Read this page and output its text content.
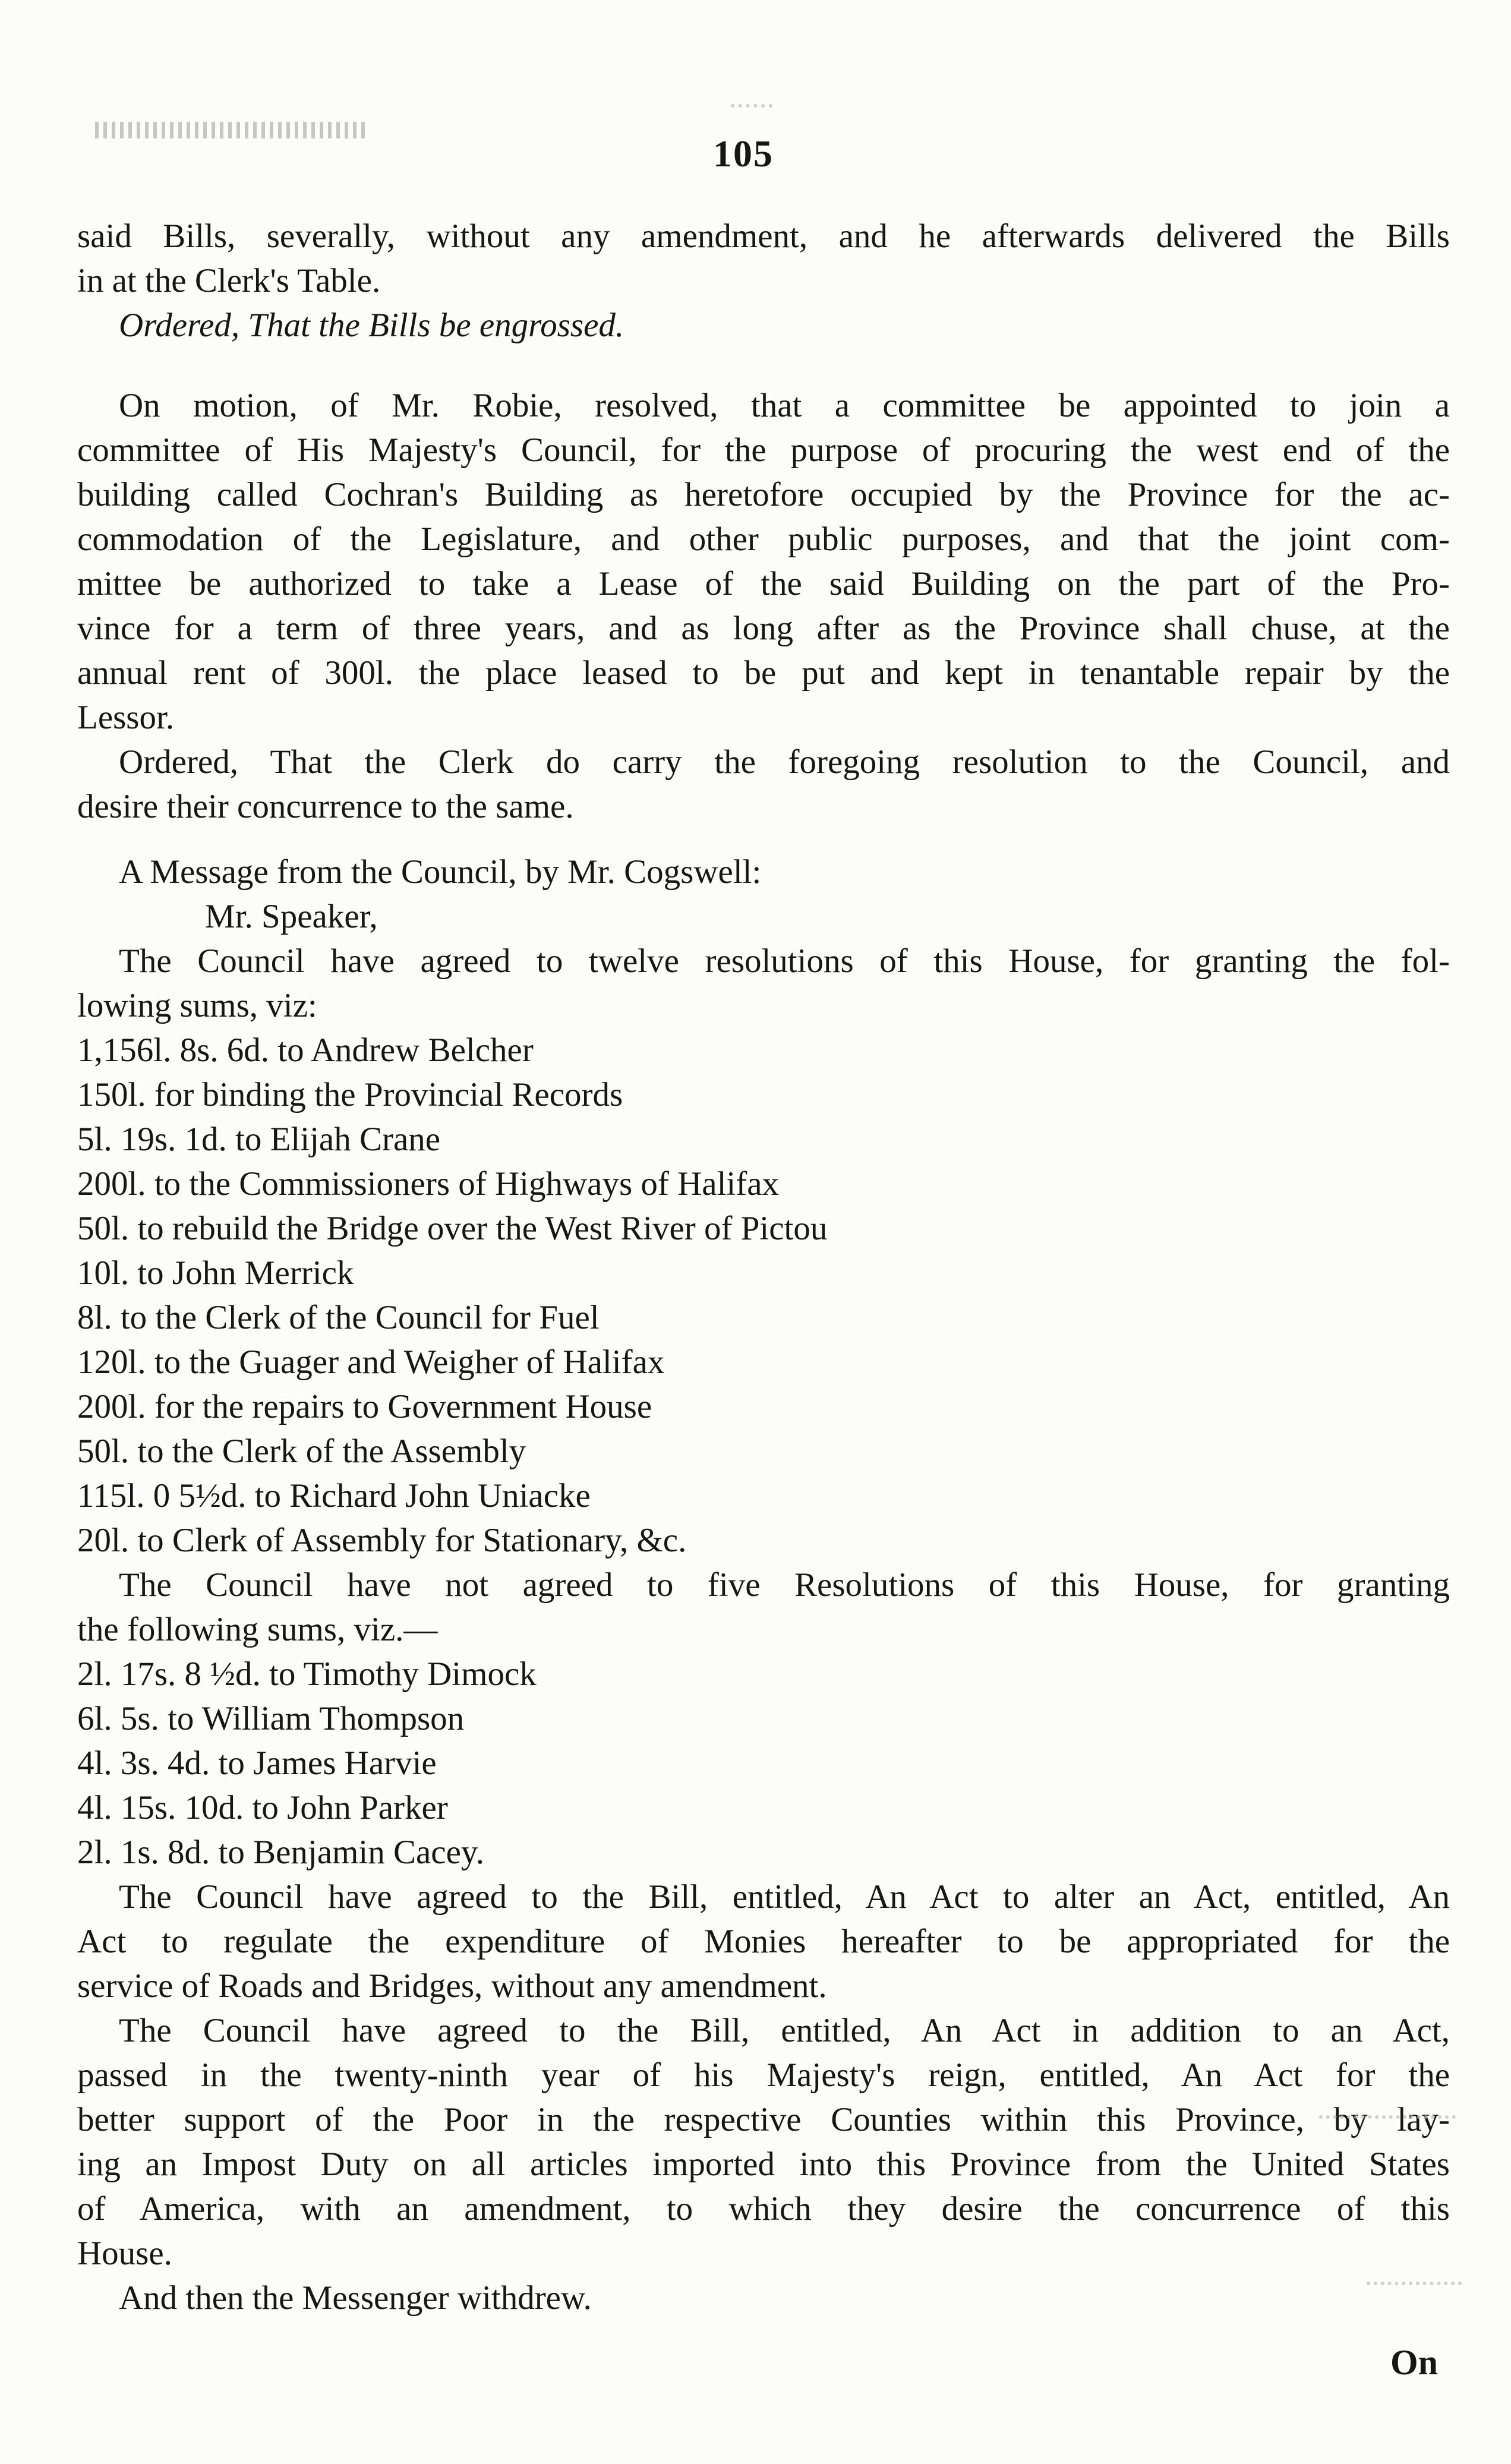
105
said Bills, severally, without any amendment, and he afterwards delivered the Bills
in at the Clerk's Table.
Ordered, That the Bills be engrossed.
On motion, of Mr. Robie, resolved, that a committee be appointed to join a
committee of His Majesty's Council, for the purpose of procuring the west end of the
building called Cochran's Building as heretofore occupied by the Province for the ac-
commodation of the Legislature, and other public purposes, and that the joint com-
mittee be authorized to take a Lease of the said Building on the part of the Pro-
vince for a term of three years, and as long after as the Province shall chuse, at the
annual rent of 300l. the place leased to be put and kept in tenantable repair by the
Lessor.
Ordered, That the Clerk do carry the foregoing resolution to the Council, and
desire their concurrence to the same.
A Message from the Council, by Mr. Cogswell:
Mr. Speaker,
The Council have agreed to twelve resolutions of this House, for granting the fol-
lowing sums, viz:
1,156l. 8s. 6d. to Andrew Belcher
150l. for binding the Provincial Records
5l. 19s. 1d. to Elijah Crane
200l. to the Commissioners of Highways of Halifax
50l. to rebuild the Bridge over the West River of Pictou
10l. to John Merrick
8l. to the Clerk of the Council for Fuel
120l. to the Guager and Weigher of Halifax
200l. for the repairs to Government House
50l. to the Clerk of the Assembly
115l. 0 5½d. to Richard John Uniacke
20l. to Clerk of Assembly for Stationary, &c.
The Council have not agreed to five Resolutions of this House, for granting
the following sums, viz.—
2l. 17s. 8 ½d. to Timothy Dimock
6l. 5s. to William Thompson
4l. 3s. 4d. to James Harvie
4l. 15s. 10d. to John Parker
2l. 1s. 8d. to Benjamin Cacey.
The Council have agreed to the Bill, entitled, An Act to alter an Act, entitled, An
Act to regulate the expenditure of Monies hereafter to be appropriated for the
service of Roads and Bridges, without any amendment.
The Council have agreed to the Bill, entitled, An Act in addition to an Act,
passed in the twenty-ninth year of his Majesty's reign, entitled, An Act for the
better support of the Poor in the respective Counties within this Province, by lay-
ing an Impost Duty on all articles imported into this Province from the United States
of America, with an amendment, to which they desire the concurrence of this
House.
And then the Messenger withdrew.
On
